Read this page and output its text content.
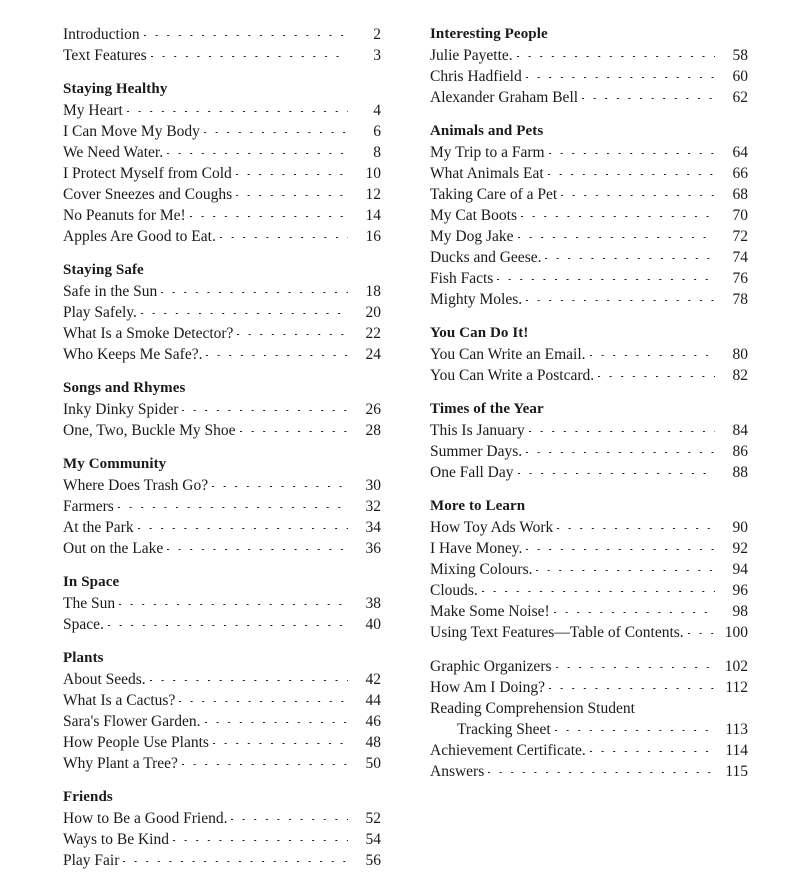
Introduction	2
Text Features	3
Staying Healthy
My Heart	4
I Can Move My Body	6
We Need Water.	8
I Protect Myself from Cold	10
Cover Sneezes and Coughs	12
No Peanuts for Me!	14
Apples Are Good to Eat.	16
Staying Safe
Safe in the Sun	18
Play Safely.	20
What Is a Smoke Detector?	22
Who Keeps Me Safe?.	24
Songs and Rhymes
Inky Dinky Spider	26
One, Two, Buckle My Shoe	28
My Community
Where Does Trash Go?	30
Farmers	32
At the Park	34
Out on the Lake	36
In Space
The Sun	38
Space.	40
Plants
About Seeds.	42
What Is a Cactus?	44
Sara's Flower Garden.	46
How People Use Plants	48
Why Plant a Tree?	50
Friends
How to Be a Good Friend.	52
Ways to Be Kind	54
Play Fair	56
Interesting People
Julie Payette.	58
Chris Hadfield	60
Alexander Graham Bell	62
Animals and Pets
My Trip to a Farm	64
What Animals Eat	66
Taking Care of a Pet	68
My Cat Boots	70
My Dog Jake	72
Ducks and Geese.	74
Fish Facts	76
Mighty Moles.	78
You Can Do It!
You Can Write an Email.	80
You Can Write a Postcard.	82
Times of the Year
This Is January	84
Summer Days.	86
One Fall Day	88
More to Learn
How Toy Ads Work	90
I Have Money.	92
Mixing Colours.	94
Clouds.	96
Make Some Noise!	98
Using Text Features—Table of Contents.	100
Graphic Organizers	102
How Am I Doing?	112
Reading Comprehension Student
Tracking Sheet	113
Achievement Certificate.	114
Answers	115
